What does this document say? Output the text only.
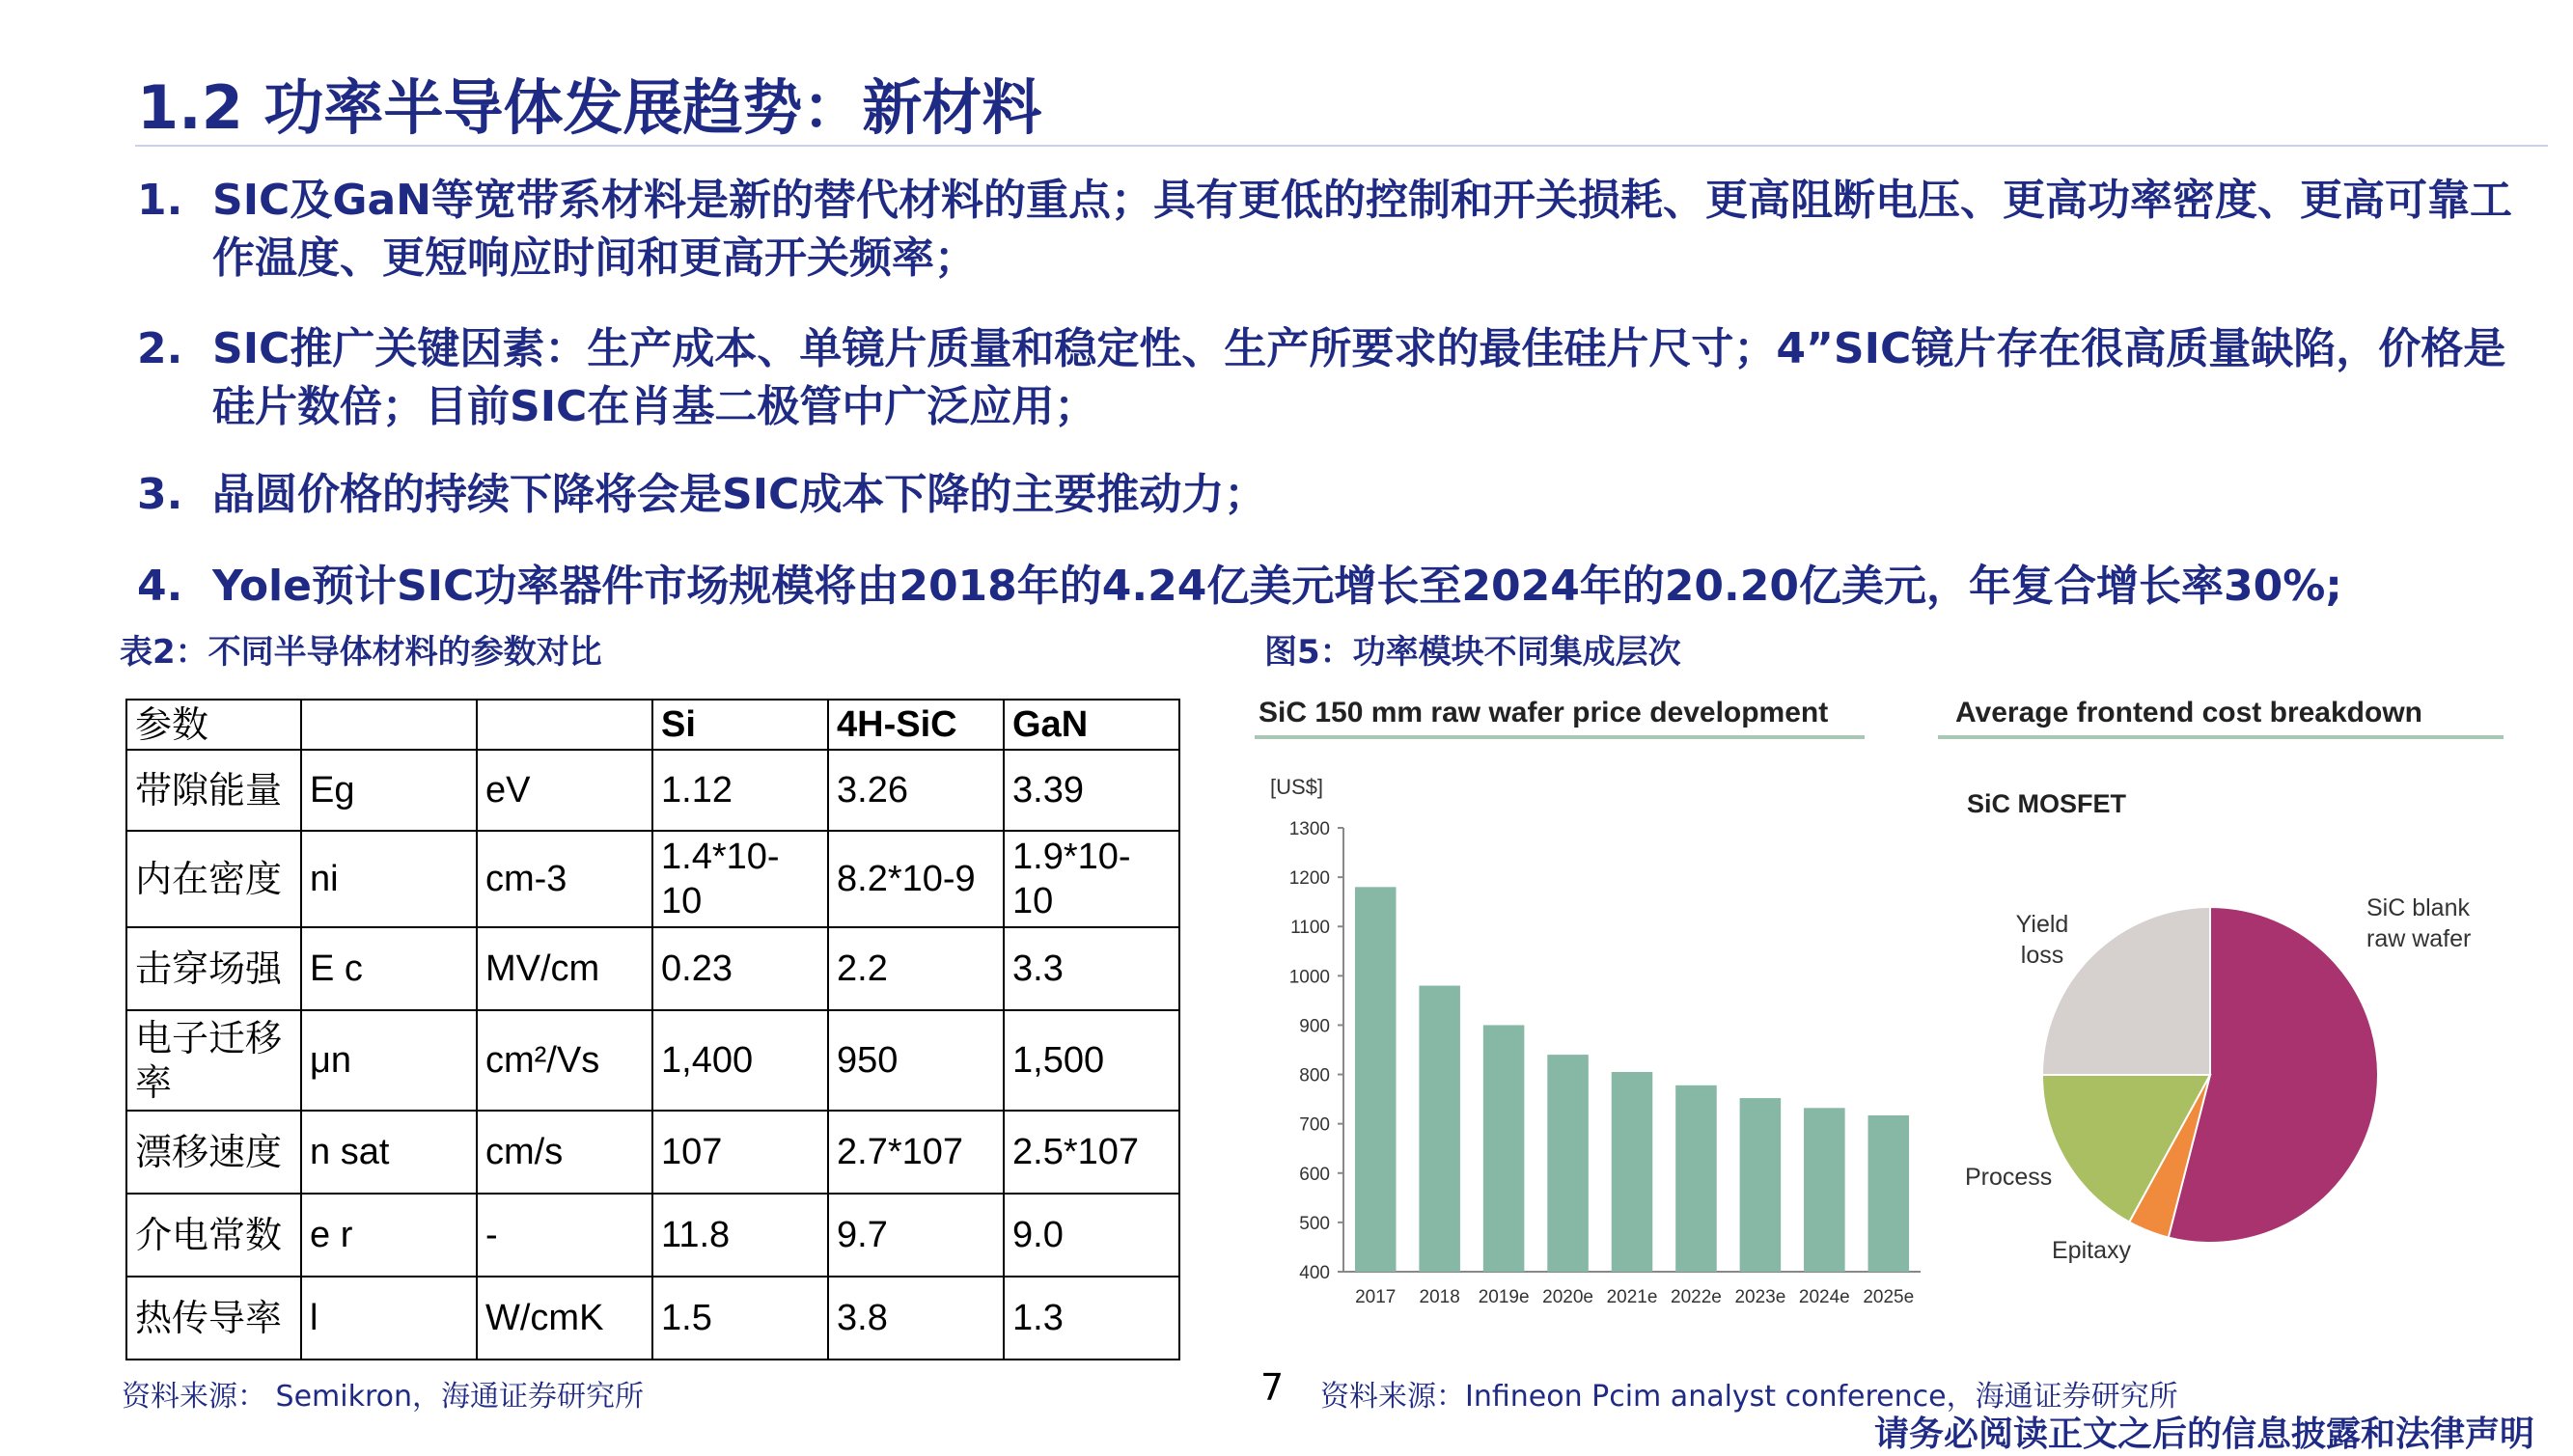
1.2 功率半导体发展趋势：新材料
1. SIC及GaN等宽带系材料是新的替代材料的重点；具有更低的控制和开关损耗、更高阻断电压、更高功率密度、更高可靠工作温度、更短响应时间和更高开关频率；
2. SIC推广关键因素：生产成本、单镜片质量和稳定性、生产所要求的最佳硅片尺寸；4”SIC镜片存在很高质量缺陷，价格是硅片数倍；目前SIC在肖基二极管中广泛应用；
3. 晶圆价格的持续下降将会是SIC成本下降的主要推动力；
4. Yole预计SIC功率器件市场规模将由2018年的4.24亿美元增长至2024年的20.20亿美元，年复合增长率30%;
表2：不同半导体材料的参数对比	图5：功率模块不同集成层次
参数			Si	4H-SiC	GaN
带隙能量	Eg	eV	1.12	3.26	3.39
内在密度	ni	cm-3	1.4*10-10	8.2*10-9	1.9*10-10
击穿场强	E c	MV/cm	0.23	2.2	3.3
电子迁移率	μn	cm²/Vs	1,400	950	1,500
漂移速度	n sat	cm/s	107	2.7*107	2.5*107
介电常数	e r	-	11.8	9.7	9.0
热传导率	l	W/cmK	1.5	3.8	1.3
资料来源： Semikron，海通证券研究所
SiC 150 mm raw wafer price development
[US$]
1300
1200
1100
1000
900
800
700
600
500
400
2017 2018 2019e 2020e 2021e 2022e 2023e 2024e 2025e
Average frontend cost breakdown
SiC MOSFET
SiC blank raw wafer
Epitaxy
Process
Yield loss
7 资料来源：Infineon Pcim analyst conference，海通证券研究所
请务必阅读正文之后的信息披露和法律声明
